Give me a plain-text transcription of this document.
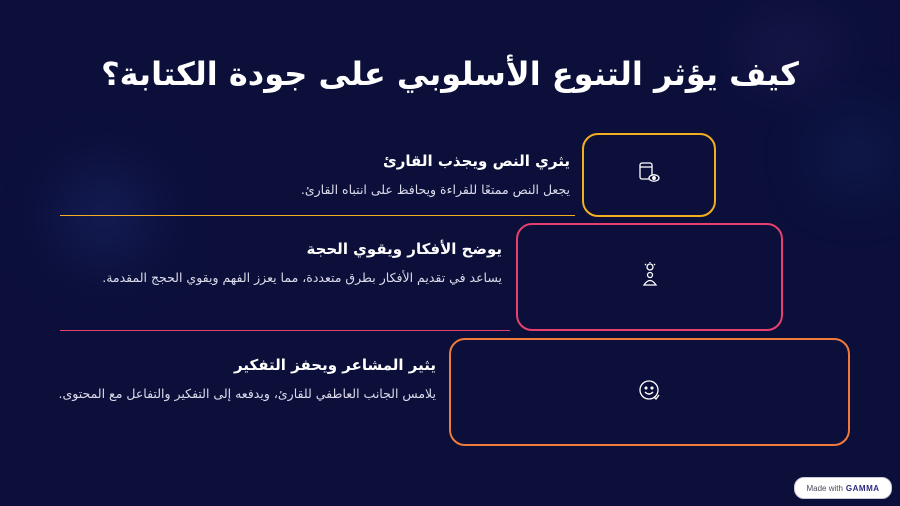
كيف يؤثر التنوع الأسلوبي على جودة الكتابة؟

يثري النص ويجذب القارئ

يجعل النص ممتعًا للقراءة ويحافظ على انتباه القارئ.

يوضح الأفكار ويقوي الحجة

يساعد في تقديم الأفكار بطرق متعددة، مما يعزز الفهم ويقوي الحجج المقدمة.

يثير المشاعر ويحفز التفكير

يلامس الجانب العاطفي للقارئ، ويدفعه إلى التفكير والتفاعل مع المحتوى.

Made with GAMMA
